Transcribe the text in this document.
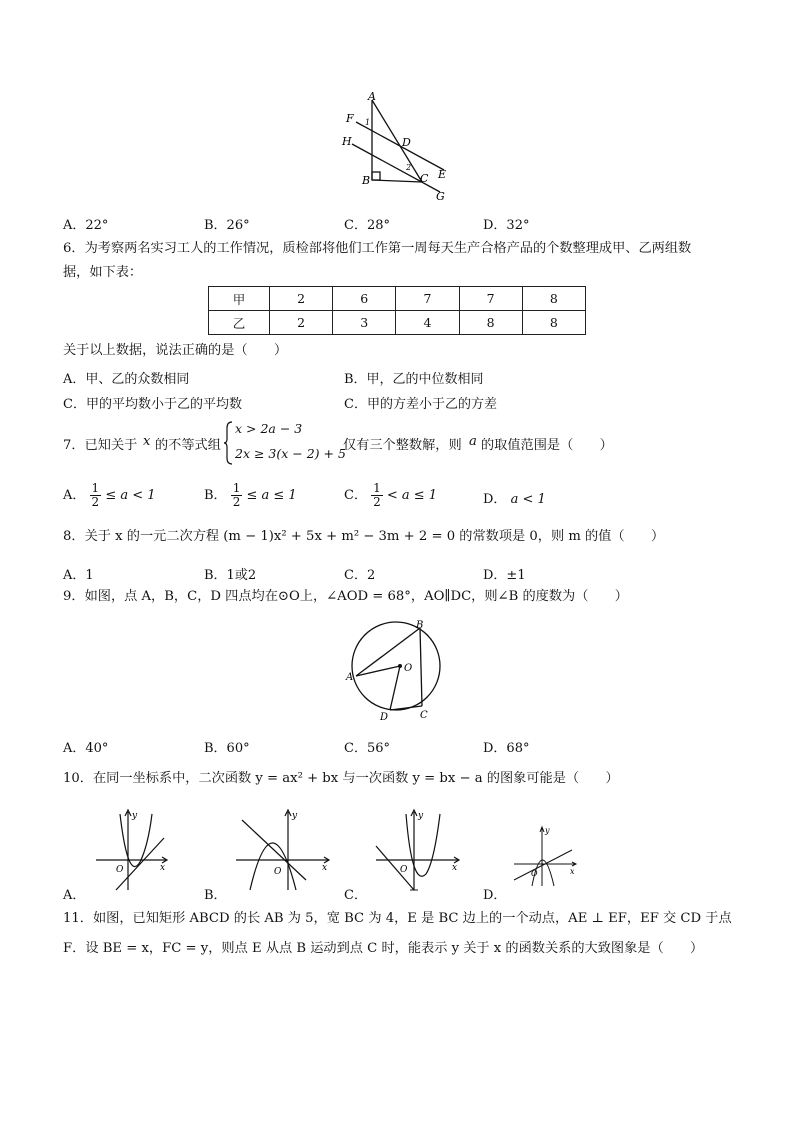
A
F 1
H	D
2
E
B	C
G
A．22°	B．26°	C．28°	D．32°
6．为考察两名实习工人的工作情况，质检部将他们工作第一周每天生产合格产品的个数整理成甲、乙两组数
据，如下表：
甲	2	6	7	7	8
乙	2	3	4	8	8
关于以上数据，说法正确的是（　　）
A．甲、乙的众数相同	B．甲，乙的中位数相同
C．甲的平均数小于乙的平均数	C．甲的方差小于乙的方差
7．已知关于 x 的不等式组
x > 2a − 3
2x ≥ 3(x − 2) + 5
仅有三个整数解，则 a 的取值范围是（　　）
A． $\frac{1}{2} \le a < 1$	B． $\frac{1}{2} \le a \le 1$	C． $\frac{1}{2} < a \le 1$	D． a < 1
8．关于 x 的一元二次方程 (m − 1)x² + 5x + m² − 3m + 2 = 0 的常数项是 0，则 m 的值（　　）
A．1	B．1或2	C．2	D．±1
9．如图，点 A，B，C，D 四点均在⊙O上，∠AOD = 68°，AO∥DC，则∠B 的度数为（　　）
B
O
A
D	C
A．40°	B．60°	C．56°	D．68°
10．在同一坐标系中，二次函数 y = ax² + bx 与一次函数 y = bx − a 的图象可能是（　　）
y
x
O
A．
y
x
O
B．
y
x
O
C．
y
x
O
D．
11．如图，已知矩形 ABCD 的长 AB 为 5，宽 BC 为 4，E 是 BC 边上的一个动点，AE ⊥ EF，EF 交 CD 于点
F．设 BE = x，FC = y，则点 E 从点 B 运动到点 C 时，能表示 y 关于 x 的函数关系的大致图象是（　　）
